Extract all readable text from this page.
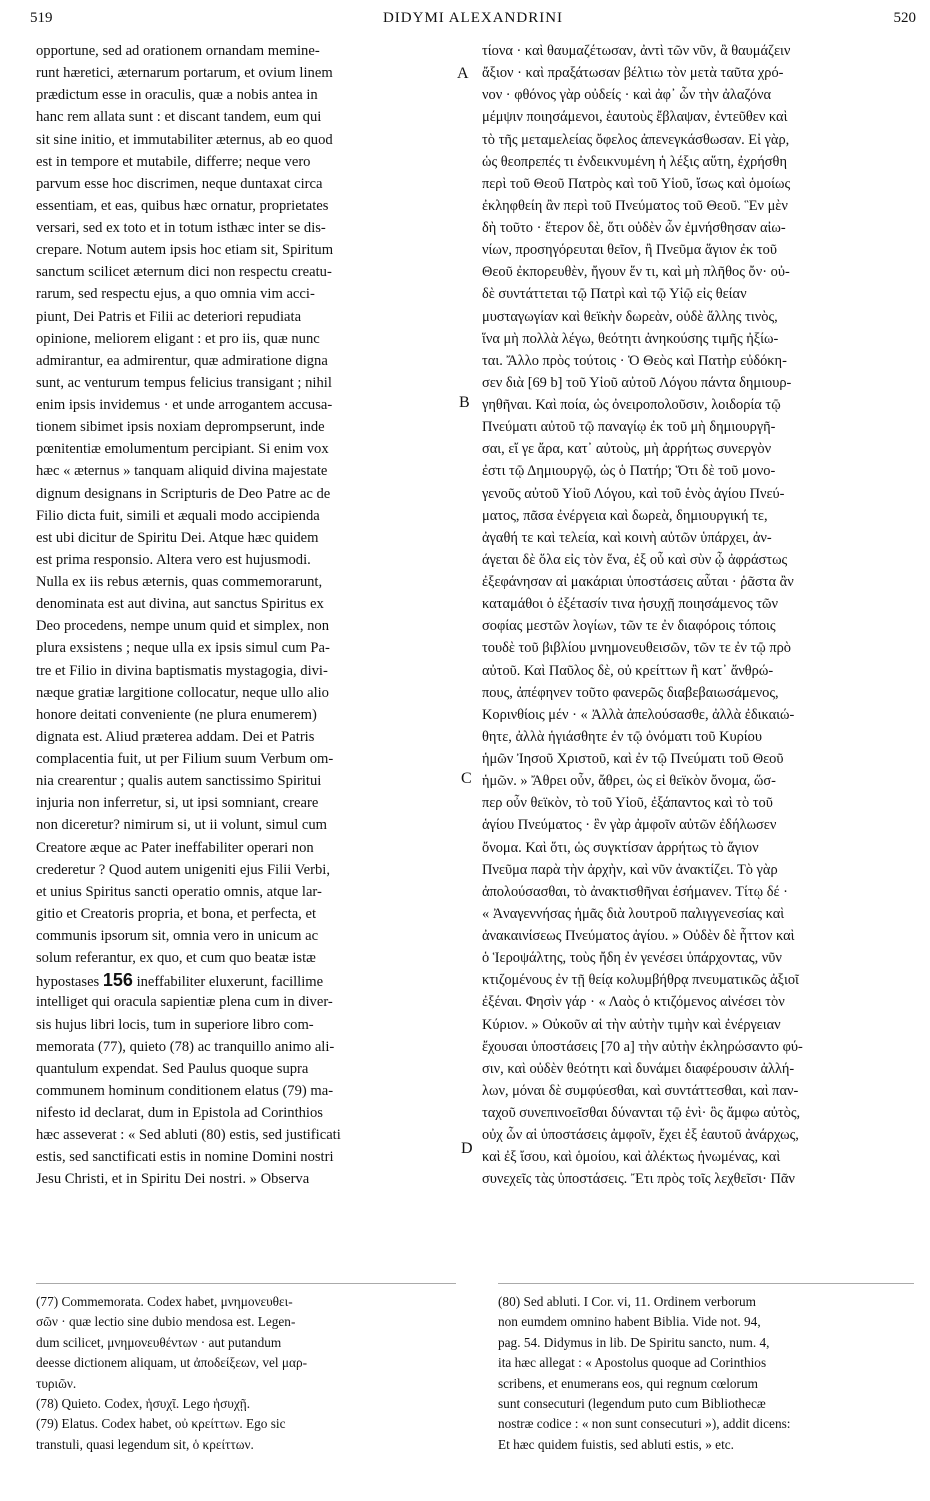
519	DIDYMI ALEXANDRINI	520
opportune, sed ad orationem ornandam memine-
runt hæretici, æternarum portarum, et ovium linem
prædictum esse in oraculis, quæ a nobis antea in
hanc rem allata sunt : et discant tandem, eum qui
sit sine initio, et immutabiliter æternus, ab eo quod
est in tempore et mutabile, differre; neque vero
parvum esse hoc discrimen, neque duntaxat circa
essentiam, et eas, quibus hæc ornatur, proprietates
versari, sed ex toto et in totum isthæc inter se dis-
crepare. Notum autem ipsis hoc etiam sit, Spiritum
sanctum scilicet æternum dici non respectu creatu-
rarum, sed respectu ejus, a quo omnia vim acci-
piunt, Dei Patris et Filii ac deteriori repudiata
opinione, meliorem eligant : et pro iis, quæ nunc
admirantur, ea admirentur, quæ admiratione digna
sunt, ac venturum tempus felicius transigant ; nihil
enim ipsis invidemus · et unde arrogantem accusa-
tionem sibimet ipsis noxiam deprompserunt, inde
pœnitentiæ emolumentum percipiant. Si enim vox
hæc « æternus » tanquam aliquid divina majestate
dignum designans in Scripturis de Deo Patre ac de
Filio dicta fuit, simili et æquali modo accipienda
est ubi dicitur de Spiritu Dei. Atque hæc quidem
est prima responsio. Altera vero est hujusmodi.
Nulla ex iis rebus æternis, quas commemorarunt,
denominata est aut divina, aut sanctus Spiritus ex
Deo procedens, nempe unum quid et simplex, non
plura exsistens ; neque ulla ex ipsis simul cum Pa-
tre et Filio in divina baptismatis mystagogia, divi-
næque gratiæ largitione collocatur, neque ullo alio
honore deitati conveniente (ne plura enumerem)
dignata est. Aliud præterea addam. Dei et Patris
complacentia fuit, ut per Filium suum Verbum om-
nia crearentur ; qualis autem sanctissimo Spiritui
injuria non inferretur, si, ut ipsi somniant, creare
non diceretur? nimirum si, ut ii volunt, simul cum
Creatore æque ac Pater ineffabiliter operari non
crederetur ? Quod autem unigeniti ejus Filii Verbi,
et unius Spiritus sancti operatio omnis, atque lar-
gitio et Creatoris propria, et bona, et perfecta, et
communis ipsorum sit, omnia vero in unicum ac
solum referantur, ex quo, et cum quo beatæ istæ
hypostases 156 ineffabiliter eluxerunt, facillime
intelliget qui oracula sapientiæ plena cum in diver-
sis hujus libri locis, tum in superiore libro com-
memorata (77), quieto (78) ac tranquillo animo ali-
quantulum expendat. Sed Paulus quoque supra
communem hominum conditionem elatus (79) ma-
nifesto id declarat, dum in Epistola ad Corinthios
hæc asseverat : « Sed abluti (80) estis, sed justificati
estis, sed sanctificati estis in nomine Domini nostri
Jesu Christi, et in Spiritu Dei nostri. » Observa
τίονα · καὶ θαυμαζέτωσαν, ἀντὶ τῶν νῦν, ἃ θαυμάζειν
ἄξιον · καὶ πραξάτωσαν βέλτιω τὸν μετὰ ταῦτα χρό-
νον · φθόνος γὰρ οὐδείς · καὶ ἀφ᾽ ὧν τὴν ἀλαζόνα
μέμψιν ποιησάμενοι, ἑαυτοὺς ἔβλαψαν, ἐντεῦθεν καὶ
τὸ τῆς μεταμελείας ὄφελος ἀπενεγκάσθωσαν. Εἰ γὰρ,
ὡς θεοπρεπές τι ἐνδεικνυμένη ἡ λέξις αὕτη, ἐχρήσθη
περὶ τοῦ Θεοῦ Πατρὸς καὶ τοῦ Υἱοῦ, ἴσως καὶ ὁμοίως
ἐκληφθείη ἂν περὶ τοῦ Πνεύματος τοῦ Θεοῦ. Ἓν μὲν
δὴ τοῦτο · ἕτερον δὲ, ὅτι οὐδὲν ὧν ἐμνήσθησαν αἰω-
νίων, προσηγόρευται θεῖον, ἢ Πνεῦμα ἅγιον ἐκ τοῦ
Θεοῦ ἐκπορευθὲν, ἤγουν ἕν τι, καὶ μὴ πλῆθος ὄν· οὐ-
δὲ συντάττεται τῷ Πατρὶ καὶ τῷ Υἱῷ εἰς θείαν
μυσταγωγίαν καὶ θεϊκὴν δωρεὰν, οὐδὲ ἄλλης τινὸς,
ἵνα μὴ πολλὰ λέγω, θεότητι ἀνηκούσης τιμῆς ἠξίω-
ται. Ἄλλο πρὸς τούτοις · Ὁ Θεὸς καὶ Πατὴρ εὐδόκη-
σεν διὰ [69 b] τοῦ Υἱοῦ αὐτοῦ Λόγου πάντα δημιουρ-
γηθῆναι. Καὶ ποία, ὡς ὀνειροπολοῦσιν, λοιδορία τῷ
Πνεύματι αὐτοῦ τῷ παναγίῳ ἐκ τοῦ μὴ δημιουργῆ-
σαι, εἴ γε ἄρα, κατ᾽ αὐτοὺς, μὴ ἀρρήτως συνεργὸν
ἐστι τῷ Δημιουργῷ, ὡς ὁ Πατήρ; Ὅτι δὲ τοῦ μονο-
γενοῦς αὐτοῦ Υἱοῦ Λόγου, καὶ τοῦ ἑνὸς ἁγίου Πνεύ-
ματος, πᾶσα ἐνέργεια καὶ δωρεὰ, δημιουργική τε,
ἀγαθή τε καὶ τελεία, καὶ κοινὴ αὐτῶν ὑπάρχει, ἀν-
άγεται δὲ ὅλα εἰς τὸν ἕνα, ἐξ οὗ καὶ σὺν ᾧ ἀφράστως
ἐξεφάνησαν αἱ μακάριαι ὑποστάσεις αὗται · ῥᾶστα ἂν
καταμάθοι ὁ ἐξέτασίν τινα ἡσυχῇ ποιησάμενος τῶν
σοφίας μεστῶν λογίων, τῶν τε ἐν διαφόροις τόποις
τουδὲ τοῦ βιβλίου μνημονευθεισῶν, τῶν τε ἐν τῷ πρὸ
αὐτοῦ. Καὶ Παῦλος δὲ, οὐ κρείττων ἢ κατ᾽ ἄνθρώ-
πους, ἀπέφηνεν τοῦτο φανερῶς διαβεβαιωσάμενος,
Κορινθίοις μέν · « Ἀλλὰ ἀπελούσασθε, ἀλλὰ ἐδικαιώ-
θητε, ἀλλὰ ἡγιάσθητε ἐν τῷ ὀνόματι τοῦ Κυρίου
ἡμῶν Ἰησοῦ Χριστοῦ, καὶ ἐν τῷ Πνεύματι τοῦ Θεοῦ
ἡμῶν. » Ἄθρει οὖν, ἄθρει, ὡς εἰ θεϊκὸν ὄνομα, ὥσ-
περ οὖν θεϊκὸν, τὸ τοῦ Υἱοῦ, ἐξάπαντος καὶ τὸ τοῦ
ἁγίου Πνεύματος · ἓν γὰρ ἀμφοῖν αὐτῶν ἐδήλωσεν
ὄνομα. Καὶ ὅτι, ὡς συγκτίσαν ἀρρήτως τὸ ἅγιον
Πνεῦμα παρὰ τὴν ἀρχὴν, καὶ νῦν ἀνακτίζει. Τὸ γὰρ
ἀπολούσασθαι, τὸ ἀνακτισθῆναι ἐσήμανεν. Τίτῳ δέ ·
« Ἀναγεννήσας ἡμᾶς διὰ λουτροῦ παλιγγενεσίας καὶ
ἀνακαινίσεως Πνεύματος ἁγίου. » Οὐδὲν δὲ ἧττον καὶ
ὁ Ἱεροψάλτης, τοὺς ἤδη ἐν γενέσει ὑπάρχοντας, νῦν
κτιζομένους ἐν τῇ θείᾳ κολυμβήθρᾳ πνευματικῶς ἀξιοῖ
ἐξέναι. Φησὶν γάρ · « Λαὸς ὁ κτιζόμενος αἰνέσει τὸν
Κύριον. » Οὐκοῦν αἱ τὴν αὐτὴν τιμὴν καὶ ἐνέργειαν
ἔχουσαι ὑποστάσεις [70 a] τὴν αὐτὴν ἐκληρώσαντο φύ-
σιν, καὶ οὐδὲν θεότητι καὶ δυνάμει διαφέρουσιν ἀλλή-
λων, μόναι δὲ συμφύεσθαι, καὶ συντάττεσθαι, καὶ παν-
ταχοῦ συνεπινοεῖσθαι δύνανται τῷ ἑνὶ· ὃς ἄμφω αὐτὸς,
οὐχ ὧν αἱ ὑποστάσεις ἀμφοῖν, ἔχει ἐξ ἑαυτοῦ ἀνάρχως,
καὶ ἐξ ἴσου, καὶ ὁμοίου, καὶ ἀλέκτως ἡνωμένας, καὶ
συνεχεῖς τὰς ὑποστάσεις. Ἔτι πρὸς τοῖς λεχθεῖσι· Πᾶν
A
B
C
D
(77) Commemorata. Codex habet, μνημονευθει-
σῶν · quæ lectio sine dubio mendosa est. Legen-
dum scilicet, μνημονευθέντων · aut putandum
deesse dictionem aliquam, ut ἀποδείξεων, vel μαρ-
τυριῶν.
(78) Quieto. Codex, ἡσυχῖ. Lego ἡσυχῇ.
(79) Elatus. Codex habet, οὐ κρείττων. Ego sic
transtuli, quasi legendum sit, ὁ κρείττων.
(80) Sed abluti. I Cor. vi, 11. Ordinem verborum
non eumdem omnino habent Biblia. Vide not. 94,
pag. 54. Didymus in lib. De Spiritu sancto, num. 4,
ita hæc allegat : « Apostolus quoque ad Corinthios
scribens, et enumerans eos, qui regnum cœlorum
sunt consecuturi (legendum puto cum Bibliothecæ
nostræ codice : « non sunt consecuturi »), addit dicens:
Et hæc quidem fuistis, sed abluti estis, » etc.
